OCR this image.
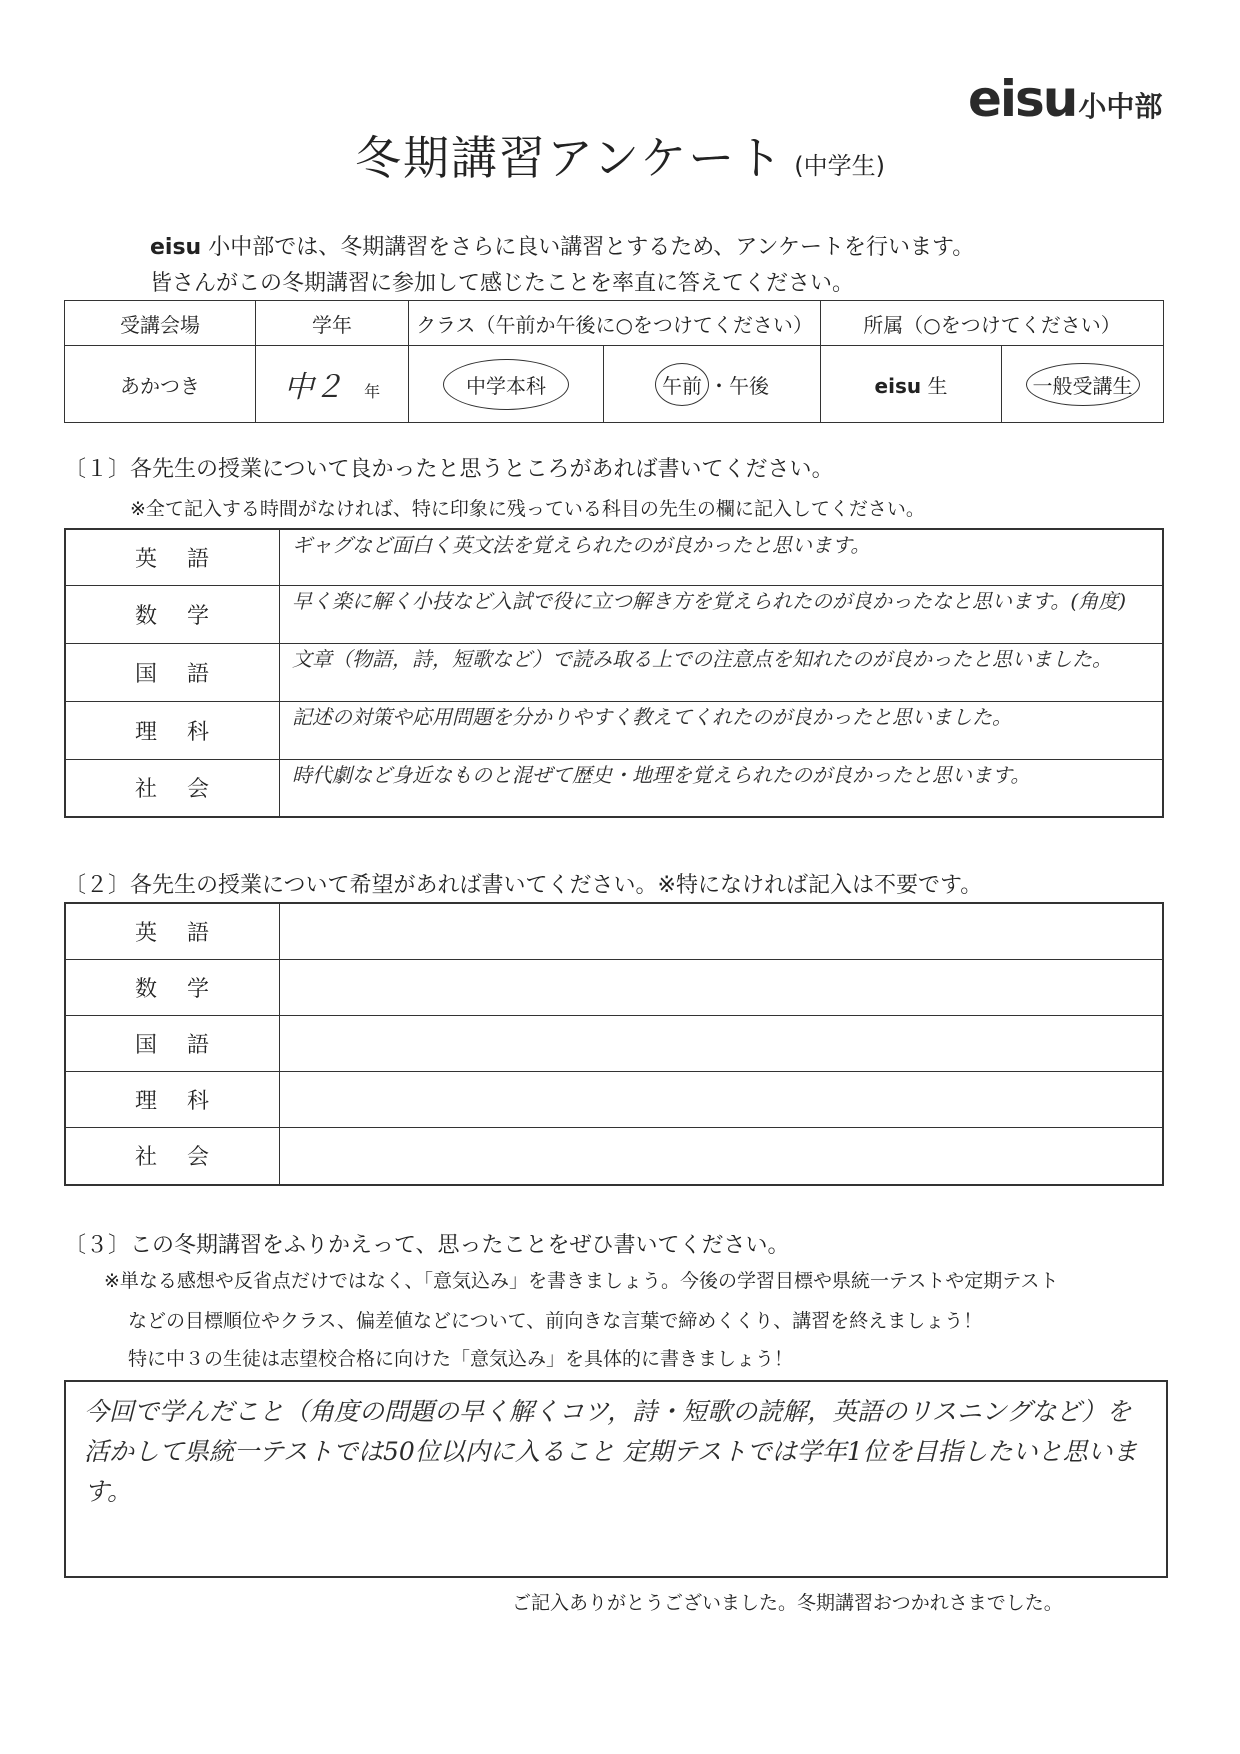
eisu小中部
冬期講習アンケート (中学生)
eisu 小中部では、冬期講習をさらに良い講習とするため、アンケートを行います。
皆さんがこの冬期講習に参加して感じたことを率直に答えてください。
受講会場	学年	クラス（午前か午後に○をつけてください）		所属（○をつけてください）	
あかつき	中２ 年	中学本科	午前 ・午後	eisu 生	一般受講生
〔１〕各先生の授業について良かったと思うところがあれば書いてください。
※全て記入する時間がなければ、特に印象に残っている科目の先生の欄に記入してください。
英語	ギャグなど面白く英文法を覚えられたのが良かったと思います。
数学	早く楽に解く小技など入試で役に立つ解き方を覚えられたのが良かったなと思います。(角度)
国語	文章（物語，詩，短歌など）で読み取る上での注意点を知れたのが良かったと思いました。
理科	記述の対策や応用問題を分かりやすく教えてくれたのが良かったと思いました。
社会	時代劇など身近なものと混ぜて歴史・地理を覚えられたのが良かったと思います。
〔２〕各先生の授業について希望があれば書いてください。※特になければ記入は不要です。
英語	
数学	
国語	
理科	
社会	
〔３〕この冬期講習をふりかえって、思ったことをぜひ書いてください。
※単なる感想や反省点だけではなく、「意気込み」を書きましょう。今後の学習目標や県統一テストや定期テスト
などの目標順位やクラス、偏差値などについて、前向きな言葉で締めくくり、講習を終えましょう！
特に中３の生徒は志望校合格に向けた「意気込み」を具体的に書きましょう！
今回で学んだこと（角度の問題の早く解くコツ，詩・短歌の読解，英語のリスニングなど）を活かして県統一テストでは50位以内に入ること 定期テストでは学年1位を目指したいと思います。
ご記入ありがとうございました。冬期講習おつかれさまでした。
